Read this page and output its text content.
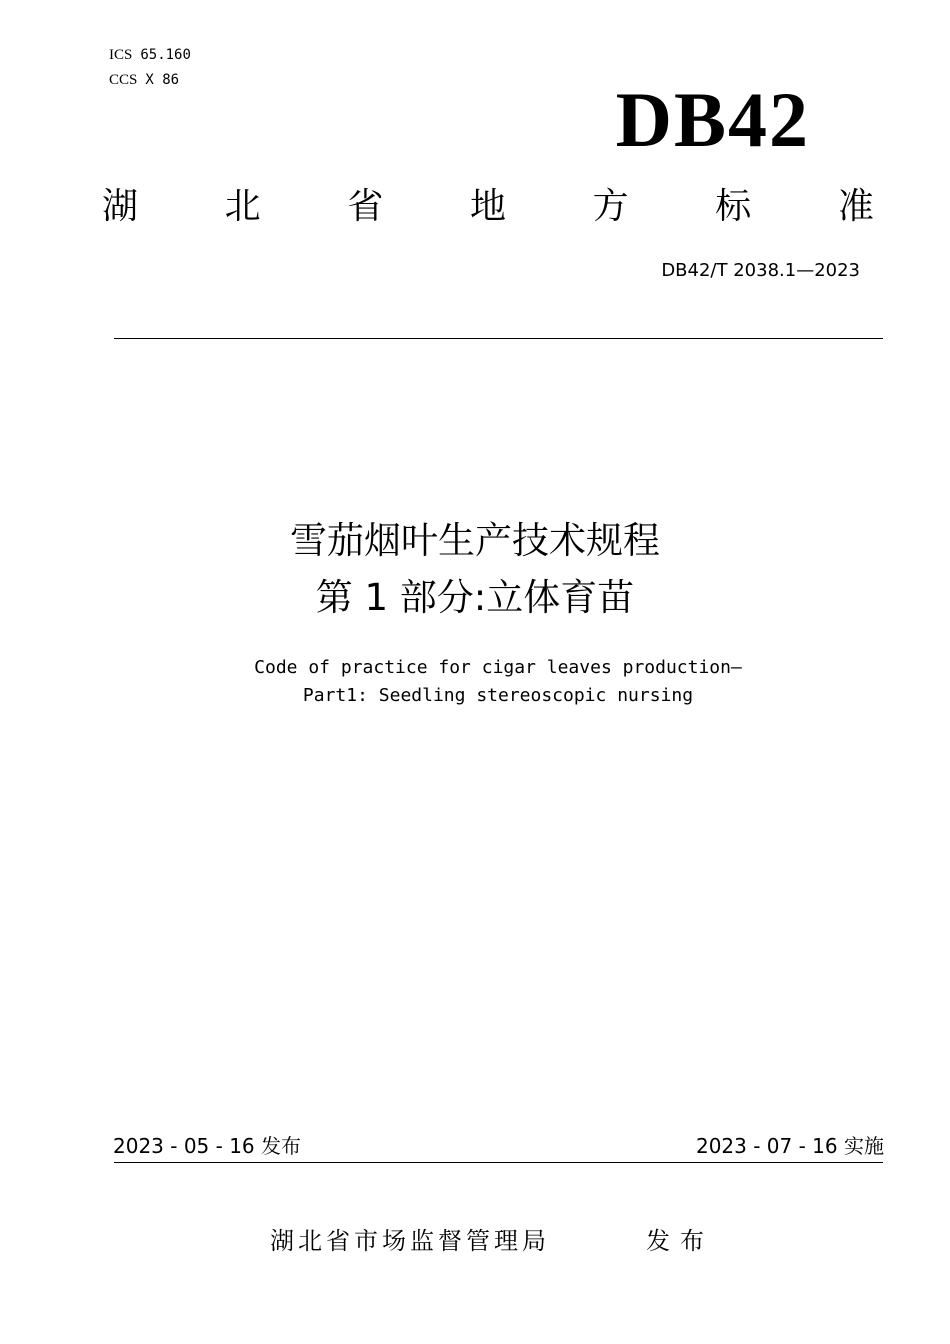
ICS 65.160
CCS X 86	DB42
湖 北 省 地 方 标 准
DB42/T 2038.1—2023
雪茄烟叶生产技术规程
第 1 部分:立体育苗
Code of practice for cigar leaves production—
Part1: Seedling stereoscopic nursing
2023 - 05 - 16 发布	2023 - 07 - 16 实施
湖北省市场监督管理局	发布
